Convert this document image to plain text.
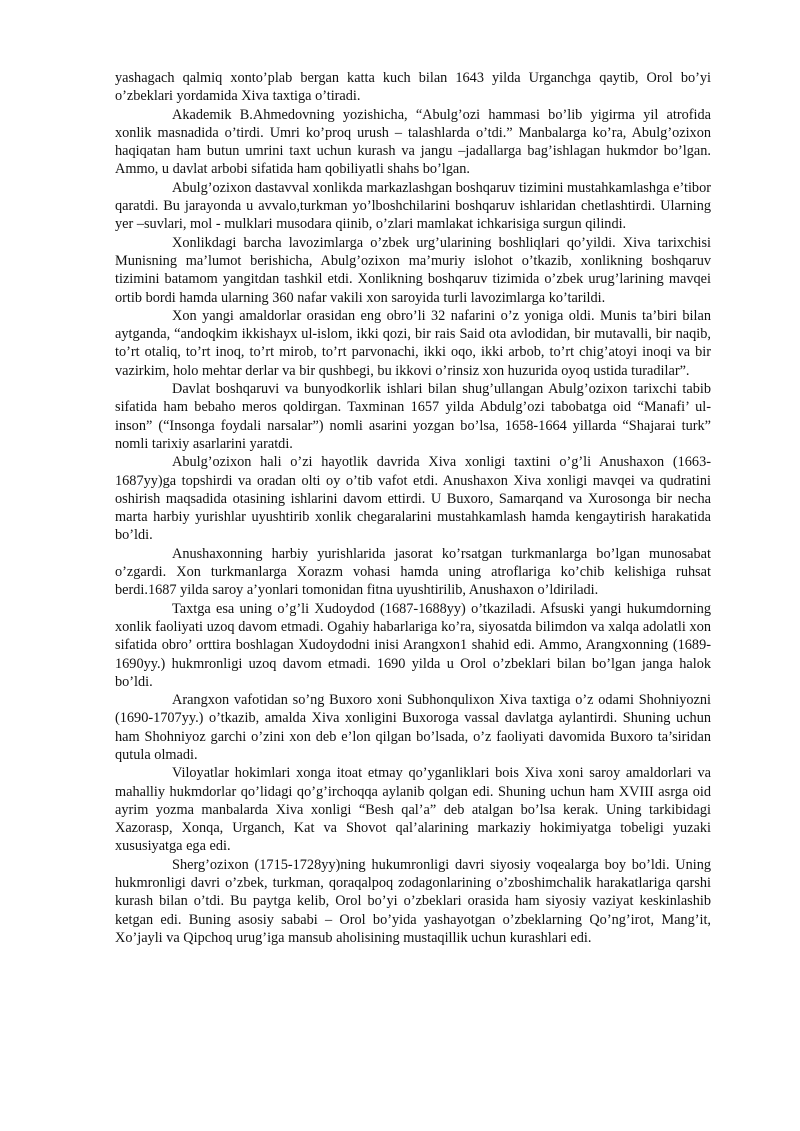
yashagach qalmiq xonto’plab bergan katta kuch bilan 1643 yilda Urganchga qaytib, Orol bo’yi o’zbeklari yordamida Xiva taxtiga o’tiradi.

Akademik B.Ahmedovning yozishicha, “Abulg’ozi hammasi bo’lib yigirma yil atrofida xonlik masnadida o’tirdi. Umri ko’proq urush – talashlarda o’tdi.” Manbalarga ko’ra, Abulg’ozixon haqiqatan ham butun umrini taxt uchun kurash va jangu –jadallarga bag’ishlagan hukmdor bo’lgan. Ammo, u davlat arbobi sifatida ham qobiliyatli shahs bo’lgan.

Abulg’ozixon dastavval xonlikda markazlashgan boshqaruv tizimini mustahkamlashga e’tibor qaratdi. Bu jarayonda u avvalo,turkman yo’lboshchilarini boshqaruv ishlaridan chetlashtirdi. Ularning yer –suvlari, mol - mulklari musodara qiinib, o’zlari mamlakat ichkarisiga surgun qilindi.

Xonlikdagi barcha lavozimlarga o’zbek urg’ularining boshliqlari qo’yildi. Xiva tarixchisi Munisning ma’lumot berishicha, Abulg’ozixon ma’muriy islohot o’tkazib, xonlikning boshqaruv tizimini batamom yangitdan tashkil etdi. Xonlikning boshqaruv tizimida o’zbek urug’larining mavqei ortib bordi hamda ularning 360 nafar vakili xon saroyida turli lavozimlarga ko’tarildi.

Xon yangi amaldorlar orasidan eng obro’li 32 nafarini o’z yoniga oldi. Munis ta’biri bilan aytganda, “andoqkim ikkishayx ul-islom, ikki qozi, bir rais Said ota avlodidan, bir mutavalli, bir naqib, to’rt otaliq, to’rt inoq, to’rt mirob, to’rt parvonachi, ikki oqo, ikki arbob, to’rt chig’atoyi inoqi va bir vazirkim, holo mehtar derlar va bir qushbegi, bu ikkovi o’rinsiz xon huzurida oyoq ustida turadilar”.

Davlat boshqaruvi va bunyodkorlik ishlari bilan shug’ullangan Abulg’ozixon tarixchi tabib sifatida ham bebaho meros qoldirgan. Taxminan 1657 yilda Abdulg’ozi tabobatga oid “Manafi’ ul-inson” (“Insonga foydali narsalar”) nomli asarini yozgan bo’lsa, 1658-1664 yillarda “Shajarai turk” nomli tarixiy asarlarini yaratdi.

Abulg’ozixon hali o’zi hayotlik davrida Xiva xonligi taxtini o’g’li Anushaxon (1663-1687yy)ga topshirdi va oradan olti oy o’tib vafot etdi. Anushaxon Xiva xonligi mavqei va qudratini oshirish maqsadida otasining ishlarini davom ettirdi. U Buxoro, Samarqand va Xurosonga bir necha marta harbiy yurishlar uyushtirib xonlik chegaralarini mustahkamlash hamda kengaytirish harakatida bo’ldi.

Anushaxonning harbiy yurishlarida jasorat ko’rsatgan turkmanlarga bo’lgan munosabat o’zgardi. Xon turkmanlarga Xorazm vohasi hamda uning atroflariga ko’chib kelishiga ruhsat berdi.1687 yilda saroy a’yonlari tomonidan fitna uyushtirilib, Anushaxon o’ldiriladi.

Taxtga esa uning o’g’li Xudoydod (1687-1688yy) o’tkaziladi. Afsuski yangi hukumdorning xonlik faoliyati uzoq davom etmadi. Ogahiy habarlariga ko’ra, siyosatda bilimdon va xalqa adolatli xon sifatida obro’ orttira boshlagan Xudoydodni inisi Arangxon1 shahid edi. Ammo, Arangxonning (1689-1690yy.) hukmronligi uzoq davom etmadi. 1690 yilda u Orol o’zbeklari bilan bo’lgan janga halok bo’ldi.

Arangxon vafotidan so’ng Buxoro xoni Subhonqulixon Xiva taxtiga o’z odami Shohniyozni (1690-1707yy.) o’tkazib, amalda Xiva xonligini Buxoroga vassal davlatga aylantirdi. Shuning uchun ham Shohniyoz garchi o’zini xon deb e’lon qilgan bo’lsada, o’z faoliyati davomida Buxoro ta’siridan qutula olmadi.

Viloyatlar hokimlari xonga itoat etmay qo’yganliklari bois Xiva xoni saroy amaldorlari va mahalliy hukmdorlar qo’lidagi qo’g’irchoqqa aylanib qolgan edi. Shuning uchun ham XVIII asrga oid ayrim yozma manbalarda Xiva xonligi “Besh qal’a” deb atalgan bo’lsa kerak. Uning tarkibidagi Xazorasp, Xonqa, Urganch, Kat va Shovot qal’alarining markaziy hokimiyatga tobeligi yuzaki xususiyatga ega edi.

Sherg’ozixon (1715-1728yy)ning hukumronligi davri siyosiy voqealarga boy bo’ldi. Uning hukmronligi davri o’zbek, turkman, qoraqalpoq zodagonlarining o’zboshimchalik harakatlariga qarshi kurash bilan o’tdi. Bu paytga kelib, Orol bo’yi o’zbeklari orasida ham siyosiy vaziyat keskinlashib ketgan edi. Buning asosiy sababi – Orol bo’yida yashayotgan o’zbeklarning Qo’ng’irot, Mang’it, Xo’jayli va Qipchoq urug’iga mansub aholisining mustaqillik uchun kurashlari edi.
